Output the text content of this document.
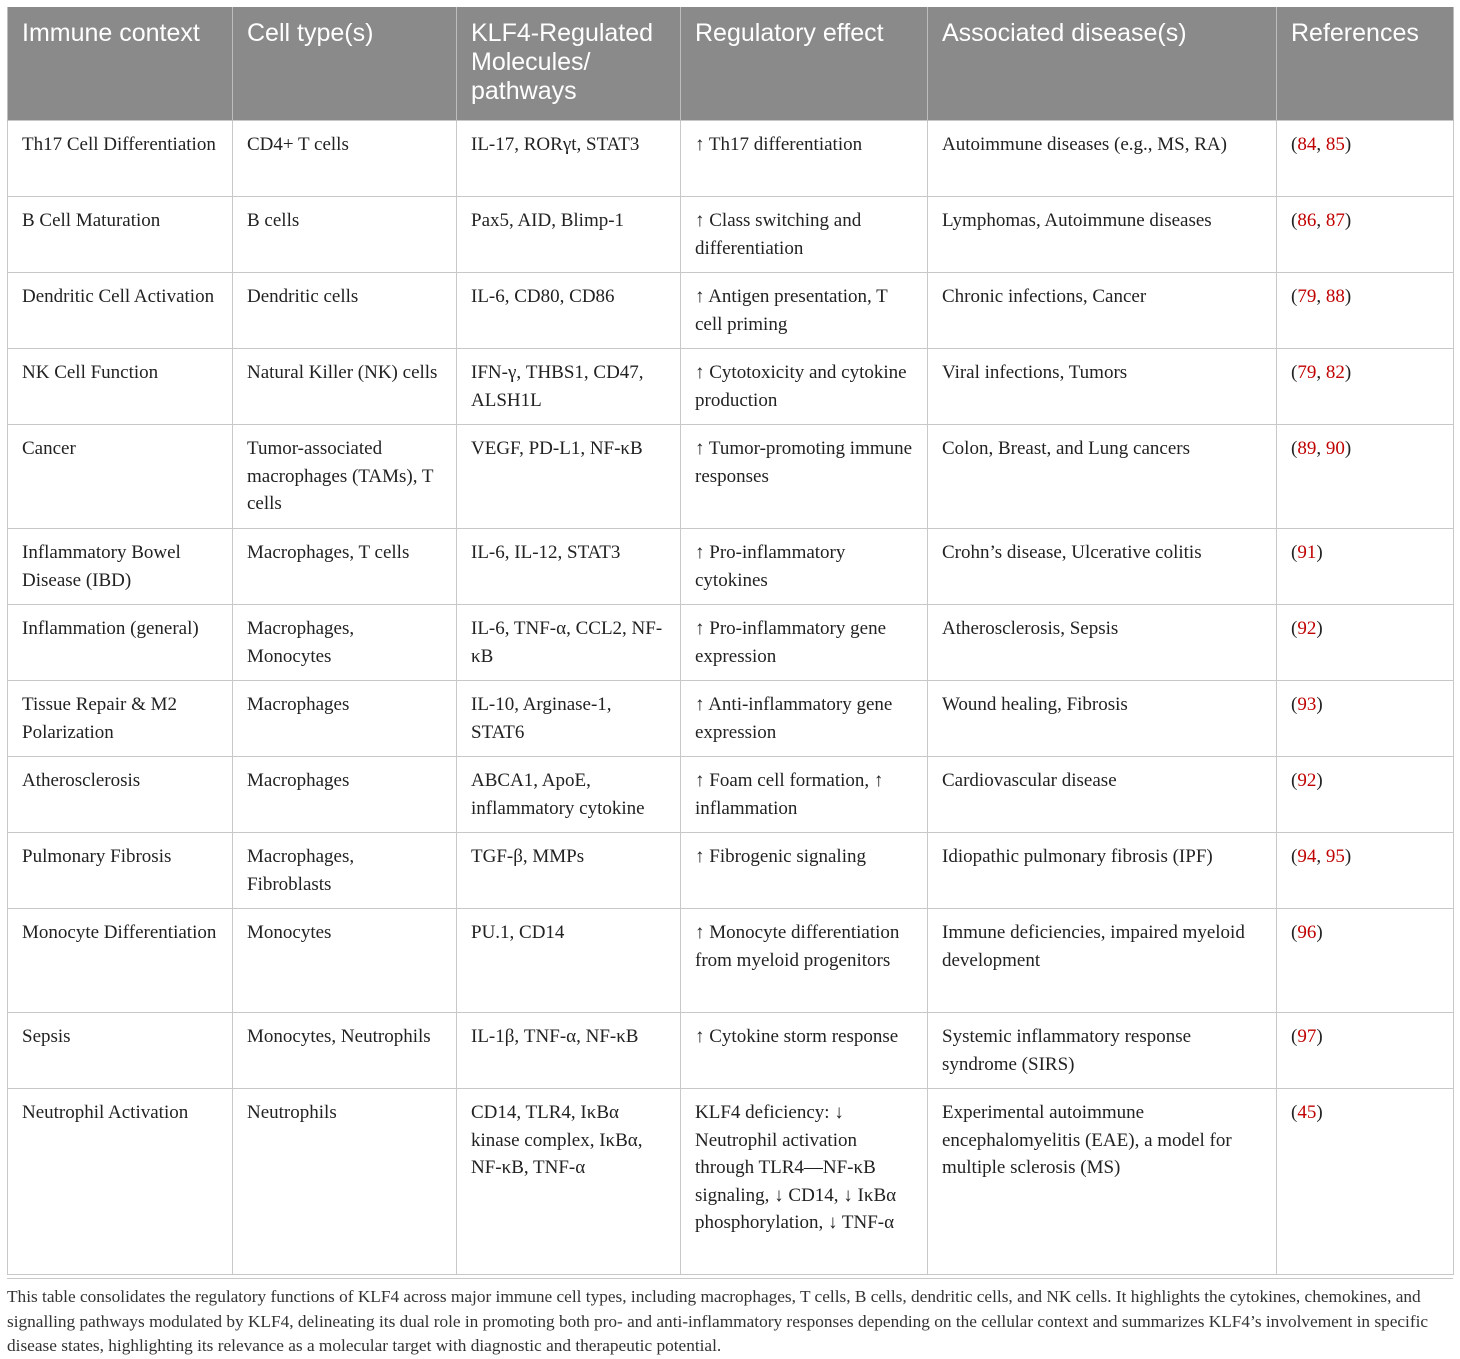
Immune context	Cell type(s)	KLF4-Regulated Molecules/ pathways	Regulatory effect	Associated disease(s)	References
Th17 Cell Differentiation	CD4+ T cells	IL-17, RORγt, STAT3	↑ Th17 differentiation	Autoimmune diseases (e.g., MS, RA)	(84, 85)
B Cell Maturation	B cells	Pax5, AID, Blimp-1	↑ Class switching and differentiation	Lymphomas, Autoimmune diseases	(86, 87)
Dendritic Cell Activation	Dendritic cells	IL-6, CD80, CD86	↑ Antigen presentation, T cell priming	Chronic infections, Cancer	(79, 88)
NK Cell Function	Natural Killer (NK) cells	IFN-γ, THBS1, CD47, ALSH1L	↑ Cytotoxicity and cytokine production	Viral infections, Tumors	(79, 82)
Cancer	Tumor-associated macrophages (TAMs), T cells	VEGF, PD-L1, NF-κB	↑ Tumor-promoting immune responses	Colon, Breast, and Lung cancers	(89, 90)
Inflammatory Bowel Disease (IBD)	Macrophages, T cells	IL-6, IL-12, STAT3	↑ Pro-inflammatory cytokines	Crohn’s disease, Ulcerative colitis	(91)
Inflammation (general)	Macrophages, Monocytes	IL-6, TNF-α, CCL2, NF-κB	↑ Pro-inflammatory gene expression	Atherosclerosis, Sepsis	(92)
Tissue Repair & M2 Polarization	Macrophages	IL-10, Arginase-1, STAT6	↑ Anti-inflammatory gene expression	Wound healing, Fibrosis	(93)
Atherosclerosis	Macrophages	ABCA1, ApoE, inflammatory cytokine	↑ Foam cell formation, ↑ inflammation	Cardiovascular disease	(92)
Pulmonary Fibrosis	Macrophages, Fibroblasts	TGF-β, MMPs	↑ Fibrogenic signaling	Idiopathic pulmonary fibrosis (IPF)	(94, 95)
Monocyte Differentiation	Monocytes	PU.1, CD14	↑ Monocyte differentiation from myeloid progenitors	Immune deficiencies, impaired myeloid development	(96)
Sepsis	Monocytes, Neutrophils	IL-1β, TNF-α, NF-κB	↑ Cytokine storm response	Systemic inflammatory response syndrome (SIRS)	(97)
Neutrophil Activation	Neutrophils	CD14, TLR4, IκBα kinase complex, IκBα, NF-κB, TNF-α	KLF4 deficiency: ↓ Neutrophil activation through TLR4—NF-κB signaling, ↓ CD14, ↓ IκBα phosphorylation, ↓ TNF-α	Experimental autoimmune encephalomyelitis (EAE), a model for multiple sclerosis (MS)	(45)
This table consolidates the regulatory functions of KLF4 across major immune cell types, including macrophages, T cells, B cells, dendritic cells, and NK cells. It highlights the cytokines, chemokines, and signalling pathways modulated by KLF4, delineating its dual role in promoting both pro- and anti-inflammatory responses depending on the cellular context and summarizes KLF4’s involvement in specific disease states, highlighting its relevance as a molecular target with diagnostic and therapeutic potential.
